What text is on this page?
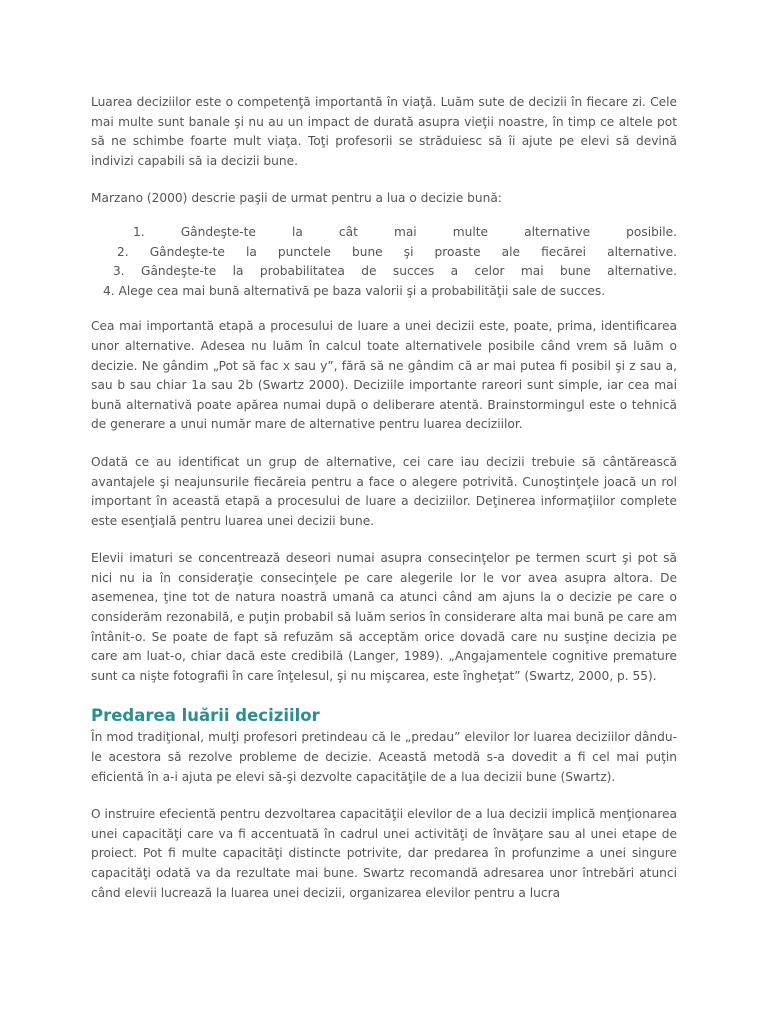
Luarea deciziilor este o competenţă importantă în viaţă. Luăm sute de decizii în fiecare zi. Cele mai multe sunt banale şi nu au un impact de durată asupra vieţii noastre, în timp ce altele pot să ne schimbe foarte mult viaţa. Toţi profesorii se străduiesc să îi ajute pe elevi să devină indivizi capabili să ia decizii bune.

Marzano (2000) descrie paşii de urmat pentru a lua o decizie bună:

1. Gândeşte-te la cât mai multe alternative posibile.
2. Gândeşte-te la punctele bune şi proaste ale fiecărei alternative.
3. Gândeşte-te la probabilitatea de succes a celor mai bune alternative.
4. Alege cea mai bună alternativă pe baza valorii şi a probabilităţii sale de succes.

Cea mai importantă etapă a procesului de luare a unei decizii este, poate, prima, identificarea unor alternative. Adesea nu luăm în calcul toate alternativele posibile când vrem să luăm o decizie. Ne gândim „Pot să fac x sau y”, fără să ne gândim că ar mai putea fi posibil şi z sau a, sau b sau chiar 1a sau 2b (Swartz 2000). Deciziile importante rareori sunt simple, iar cea mai bună alternativă poate apărea numai după o deliberare atentă. Brainstormingul este o tehnică de generare a unui număr mare de alternative pentru luarea deciziilor.

Odată ce au identificat un grup de alternative, cei care iau decizii trebuie să cântărească avantajele şi neajunsurile fiecăreia pentru a face o alegere potrivită. Cunoştinţele joacă un rol important în această etapă a procesului de luare a deciziilor. Deţinerea informaţiilor complete este esenţială pentru luarea unei decizii bune.

Elevii imaturi se concentrează deseori numai asupra consecinţelor pe termen scurt şi pot să nici nu ia în consideraţie consecinţele pe care alegerile lor le vor avea asupra altora. De asemenea, ţine tot de natura noastră umană ca atunci când am ajuns la o decizie pe care o considerăm rezonabilă, e puţin probabil să luăm serios în considerare alta mai bună pe care am întânit-o. Se poate de fapt să refuzăm să acceptăm orice dovadă care nu susţine decizia pe care am luat-o, chiar dacă este credibilă (Langer, 1989). „Angajamentele cognitive premature sunt ca nişte fotografii în care înţelesul, şi nu mişcarea, este îngheţat” (Swartz, 2000, p. 55).

Predarea luării deciziilor

În mod tradiţional, mulţi profesori pretindeau că le „predau” elevilor lor luarea deciziilor dându-le acestora să rezolve probleme de decizie. Această metodă s-a dovedit a fi cel mai puţin eficientă în a-i ajuta pe elevi să-şi dezvolte capacităţile de a lua decizii bune (Swartz).

O instruire efecientă pentru dezvoltarea capacităţii elevilor de a lua decizii implică menţionarea unei capacităţi care va fi accentuată în cadrul unei activităţi de învăţare sau al unei etape de proiect. Pot fi multe capacităţi distincte potrivite, dar predarea în profunzime a unei singure capacităţi odată va da rezultate mai bune. Swartz recomandă adresarea unor întrebări atunci când elevii lucrează la luarea unei decizii, organizarea elevilor pentru a lucra
